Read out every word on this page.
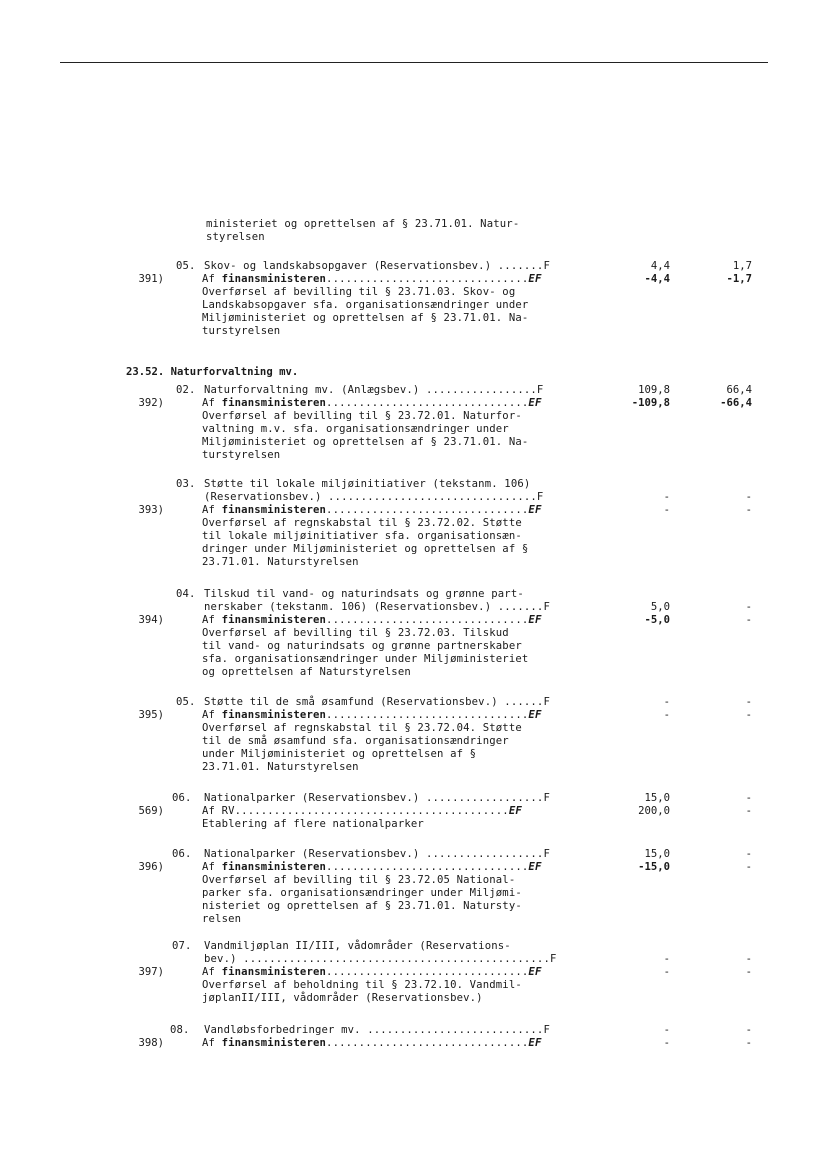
ministeriet og oprettelsen af § 23.71.01. Natur-
styrelsen
23.52. Naturforvaltning mv.
05. Skov- og landskabsopgaver (Reservationsbev.) .......F	4,4	1,7
391)	Af finansministeren...............................EF	-4,4	-1,7
Overførsel af bevilling til § 23.71.03. Skov- og
Landskabsopgaver sfa. organisationsændringer under
Miljøministeriet og oprettelsen af § 23.71.01. Na-
turstyrelsen
02. Naturforvaltning mv. (Anlægsbev.) .................F	109,8	66,4
392)	Af finansministeren...............................EF	-109,8	-66,4
Overførsel af bevilling til § 23.72.01. Naturfor-
valtning m.v. sfa. organisationsændringer under
Miljøministeriet og oprettelsen af § 23.71.01. Na-
turstyrelsen
03. Støtte til lokale miljøinitiativer (tekstanm. 106)
(Reservationsbev.) ................................F	-	-
393)	Af finansministeren...............................EF	-	-
Overførsel af regnskabstal til § 23.72.02. Støtte
til lokale miljøinitiativer sfa. organisationsæn-
dringer under Miljøministeriet og oprettelsen af §
23.71.01. Naturstyrelsen
04. Tilskud til vand- og naturindsats og grønne part-
nerskaber (tekstanm. 106) (Reservationsbev.) .......F	5,0	-
394)	Af finansministeren...............................EF	-5,0	-
Overførsel af bevilling til § 23.72.03. Tilskud
til vand- og naturindsats og grønne partnerskaber
sfa. organisationsændringer under Miljøministeriet
og oprettelsen af Naturstyrelsen
05. Støtte til de små øsamfund (Reservationsbev.) ......F	-	-
395)	Af finansministeren...............................EF	-	-
Overførsel af regnskabstal til § 23.72.04. Støtte
til de små øsamfund sfa. organisationsændringer
under Miljøministeriet og oprettelsen af §
23.71.01. Naturstyrelsen
06. Nationalparker (Reservationsbev.) ..................F	15,0	-
569)	Af RV..........................................EF	200,0	-
Etablering af flere nationalparker
06. Nationalparker (Reservationsbev.) ..................F	15,0	-
396)	Af finansministeren...............................EF	-15,0	-
Overførsel af bevilling til § 23.72.05 National-
parker sfa. organisationsændringer under Miljømi-
nisteriet og oprettelsen af § 23.71.01. Natursty-
relsen
07. Vandmiljøplan II/III, vådområder (Reservations-
bev.) ...............................................F	-	-
397)	Af finansministeren...............................EF	-	-
Overførsel af beholdning til § 23.72.10. Vandmil-
jøplanII/III, vådområder (Reservationsbev.)
08. Vandløbsforbedringer mv. ...........................F	-	-
398)	Af finansministeren...............................EF	-	-
